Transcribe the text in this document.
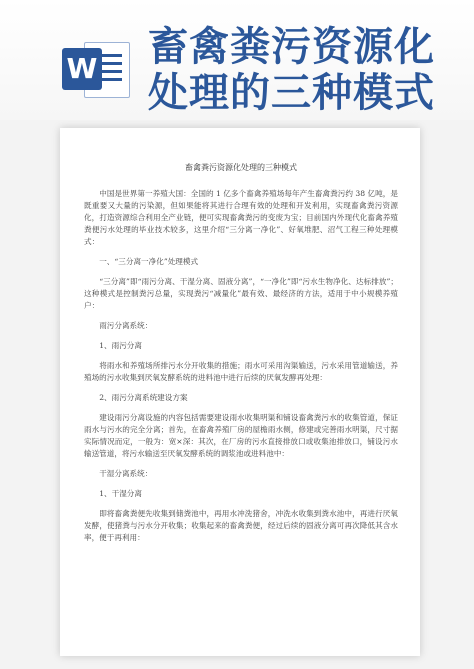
W 畜禽粪污资源化处理的三种模式
畜禽粪污资源化处理的三种模式

中国是世界第一养殖大国：全国的 1 亿多个畜禽养殖场每年产生畜禽粪污约 38 亿吨，是既重要又大量的污染源，但如果能将其进行合理有效的处理和开发利用，实现畜禽粪污资源化，打造资源综合利用全产业链，便可实现畜禽粪污的变废为宝；目前国内外现代化畜禽养殖粪便污水处理的毕业技术较多，这里介绍“三分离一净化”、好氧堆肥、沼气工程三种处理模式：

一、“三分离一净化”处理模式

“三分离”即“雨污分离、干湿分离、固液分离”，“一净化”即“污水生物净化、达标排放”；这种模式是控制粪污总量，实现粪污“减量化”最有效、最经济的方法，适用于中小规模养殖户：

雨污分离系统：

1、雨污分离

将雨水和养殖场所排污水分开收集的措施；雨水可采用沟渠输送，污水采用管道输送，养殖场的污水收集到厌氧发酵系统的进料池中进行后续的厌氧发酵再处理：

2、雨污分离系统建设方案

建设雨污分离设施的内容包括需要建设雨水收集明渠和铺设畜禽粪污水的收集管道，保证雨水与污水的完全分离；首先，在畜禽养殖厂房的屋檐雨水侧，修建或完善雨水明渠，尺寸据实际情况而定，一般为：宽×深：其次，在厂房的污水直接排放口或收集池排放口，铺设污水输送管道，将污水输送至厌氧发酵系统的调浆池或进料池中：

干湿分离系统：

1、干湿分离

即将畜禽粪便先收集到储粪池中，再用水冲洗猪舍，冲洗水收集到粪水池中，再进行厌氧发酵，使猪粪与污水分开收集；收集起来的畜禽粪便，经过后续的固液分离可再次降低其含水率，便于再利用：
